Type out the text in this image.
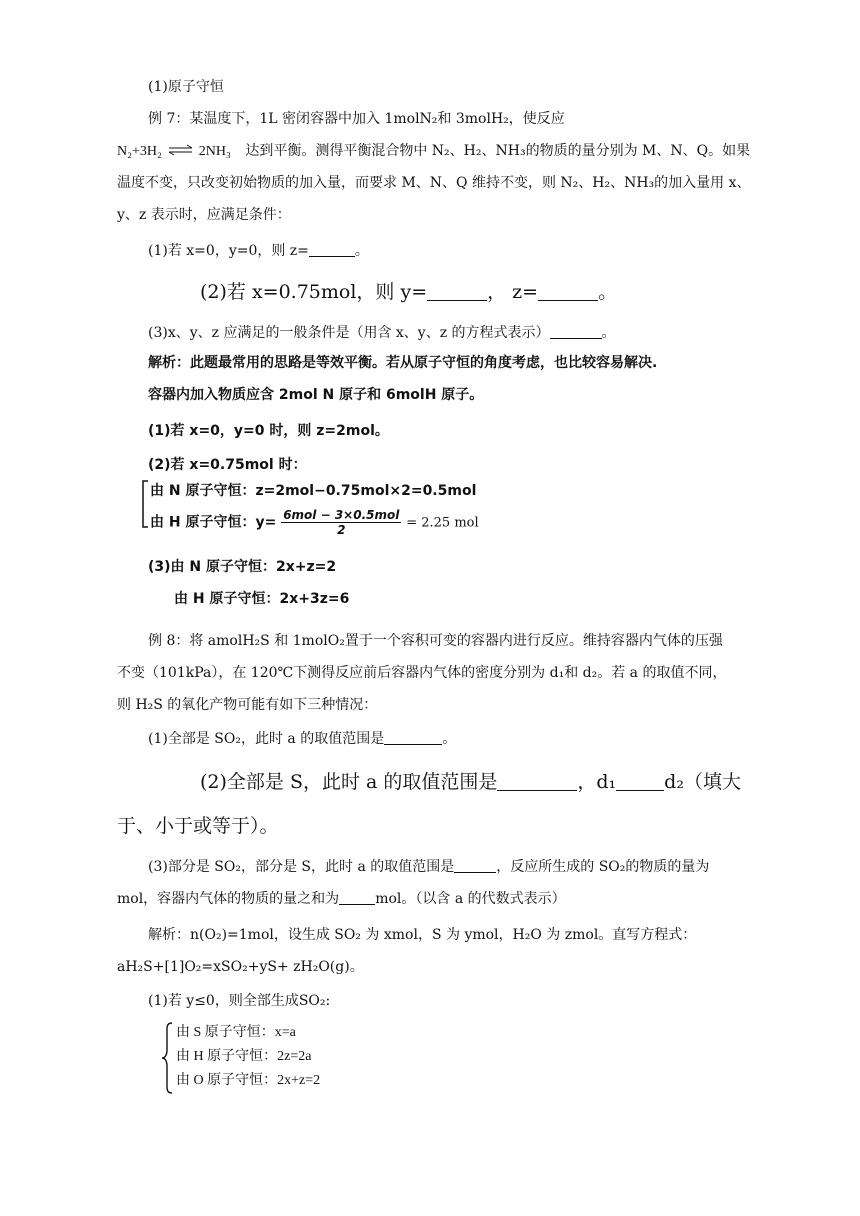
(1)原子守恒
例 7：某温度下，1L 密闭容器中加入 1molN₂和 3molH₂，使反应
N₂+3H₂ ⇌ 2NH₃ 达到平衡。测得平衡混合物中 N₂、H₂、NH₃的物质的量分别为 M、N、Q。如果
温度不变，只改变初始物质的加入量，而要求 M、N、Q 维持不变，则 N₂、H₂、NH₃的加入量用 x、
y、z 表示时，应满足条件：
(1)若 x=0，y=0，则 z=	。
(2)若 x=0.75mol，则 y=	， z=	。
(3)x、y、z 应满足的一般条件是（用含 x、y、z 的方程式表示）	。
解析：此题最常用的思路是等效平衡。若从原子守恒的角度考虑，也比较容易解决.
容器内加入物质应含 2mol N 原子和 6molH 原子。
(1)若 x=0，y=0 时，则 z=2mol。
(2)若 x=0.75mol 时：
由 N 原子守恒：z=2mol−0.75mol×2=0.5mol
由 H 原子守恒：y= 6mol − 3×0.5mol
2	= 2.25 mol
(3)由 N 原子守恒：2x+z=2
由 H 原子守恒：2x+3z=6
例 8：将 amolH₂S 和 1molO₂置于一个容积可变的容器内进行反应。维持容器内气体的压强
不变（101kPa），在 120℃下测得反应前后容器内气体的密度分别为 d₁和 d₂。若 a 的取值不同，
则 H₂S 的氧化产物可能有如下三种情况：
(1)全部是 SO₂，此时 a 的取值范围是	。
(2)全部是 S，此时 a 的取值范围是	，d₁	d₂（填大
于、小于或等于）。
(3)部分是 SO₂，部分是 S，此时 a 的取值范围是	，反应所生成的 SO₂的物质的量为
mol，容器内气体的物质的量之和为	mol。（以含 a 的代数式表示）
解析：n(O₂)=1mol，设生成 SO₂ 为 xmol，S 为 ymol，H₂O 为 zmol。直写方程式：
aH₂S+[1]O₂=xSO₂+yS+ zH₂O(g)。
(1)若 y≤0，则全部生成SO₂:
由 S 原子守恒：x=a
由 H 原子守恒：2z=2a
由 O 原子守恒：2x+z=2
